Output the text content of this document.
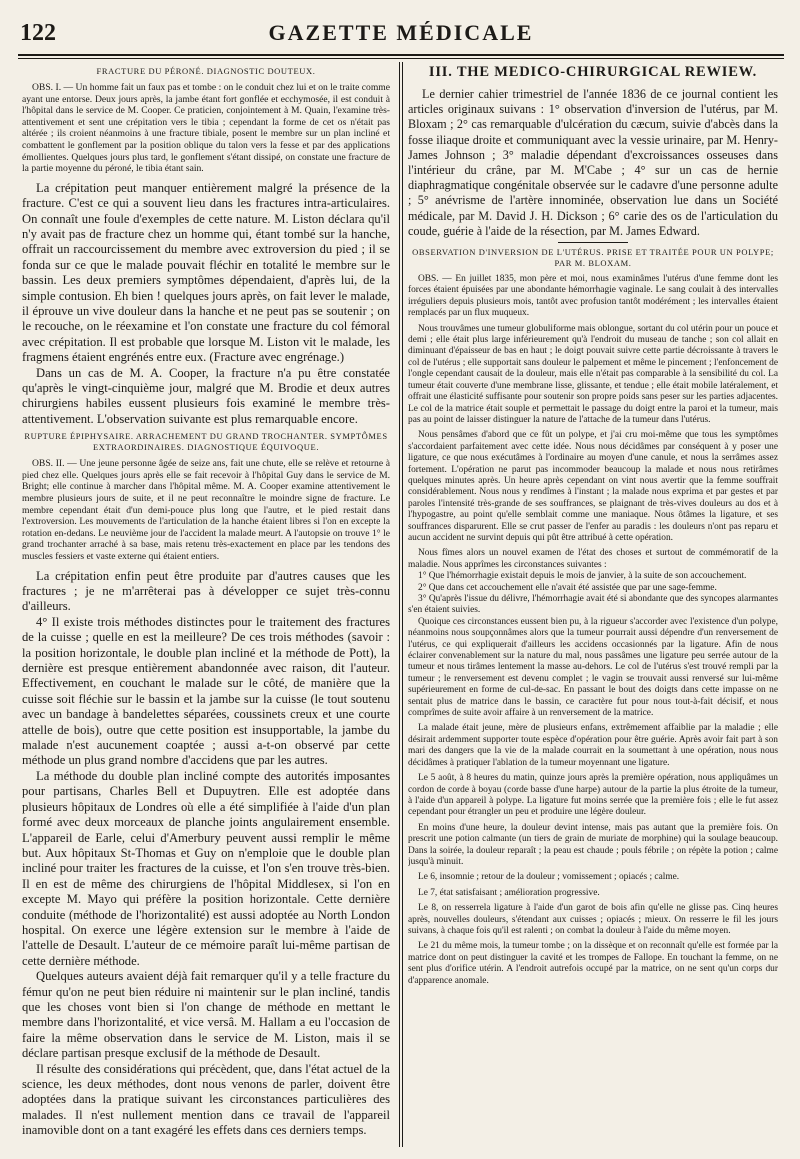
122	GAZETTE MÉDICALE
FRACTURE DU PÉRONÉ. DIAGNOSTIC DOUTEUX.

OBS. I. — Un homme fait un faux pas et tombe : on le conduit chez lui et on le traite comme ayant une entorse. Deux jours après, la jambe étant fort gonflée et ecchymosée, il est conduit à l'hôpital dans le service de M. Cooper. Ce praticien, conjointement à M. Quain, l'examine très-attentivement et sent une crépitation vers le tibia ; cependant la forme de cet os n'était pas altérée ; ils croient néanmoins à une fracture tibiale, posent le membre sur un plan incliné et combattent le gonflement par la position oblique du talon vers la fesse et par des applications émollientes. Quelques jours plus tard, le gonflement s'étant dissipé, on constate une fracture de la partie moyenne du péroné, le tibia étant sain.

La crépitation peut manquer entièrement malgré la présence de la fracture. C'est ce qui a souvent lieu dans les fractures intra-articulaires. On connaît une foule d'exemples de cette nature. M. Liston déclara qu'il n'y avait pas de fracture chez un homme qui, étant tombé sur la hanche, offrait un raccourcissement du membre avec extroversion du pied ; il se fonda sur ce que le malade pouvait fléchir en totalité le membre sur le bassin. Les deux premiers symptômes dépendaient, d'après lui, de la simple contusion. Eh bien ! quelques jours après, on fait lever le malade, il éprouve un vive douleur dans la hanche et ne peut pas se soutenir ; on le recouche, on le réexamine et l'on constate une fracture du col fémoral avec crépitation. Il est probable que lorsque M. Liston vit le malade, les fragmens étaient engrénés entre eux. (Fracture avec engrénage.)

Dans un cas de M. A. Cooper, la fracture n'a pu être constatée qu'après le vingt-cinquième jour, malgré que M. Brodie et deux autres chirurgiens habiles eussent plusieurs fois examiné le membre très-attentivement. L'observation suivante est plus remarquable encore.

RUPTURE ÉPIPHYSAIRE. ARRACHEMENT DU GRAND TROCHANTER. SYMPTÔMES EXTRAORDINAIRES. DIAGNOSTIQUE ÉQUIVOQUE.

OBS. II. — Une jeune personne âgée de seize ans, fait une chute, elle se relève et retourne à pied chez elle. Quelques jours après elle se fait recevoir à l'hôpital Guy dans le service de M. Bright; elle continue à marcher dans l'hôpital même. M. A. Cooper examine attentivement le membre plusieurs jours de suite, et il ne peut reconnaître le moindre signe de fracture. Le membre cependant était d'un demi-pouce plus long que l'autre, et le pied restait dans l'extroversion. Les mouvements de l'articulation de la hanche étaient libres si l'on en excepte la rotation en-dedans. Le neuvième jour de l'accident la malade meurt. A l'autopsie on trouve 1° le grand trochanter arraché à sa base, mais retenu très-exactement en place par les tendons des muscles fessiers et vaste externe qui étaient entiers.

La crépitation enfin peut être produite par d'autres causes que les fractures ; je ne m'arrêterai pas à développer ce sujet très-connu d'ailleurs.

4° Il existe trois méthodes distinctes pour le traitement des fractures de la cuisse ; quelle en est la meilleure? De ces trois méthodes (savoir : la position horizontale, le double plan incliné et la méthode de Pott), la dernière est presque entièrement abandonnée avec raison, dit l'auteur. Effectivement, en couchant le malade sur le côté, de manière que la cuisse soit fléchie sur le bassin et la jambe sur la cuisse (le tout soutenu avec un bandage à bandelettes séparées, coussinets creux et une courte attelle de bois), outre que cette position est insupportable, la jambe du malade n'est aucunement coaptée ; aussi a-t-on observé par cette méthode un plus grand nombre d'accidens que par les autres.

La méthode du double plan incliné compte des autorités imposantes pour partisans, Charles Bell et Dupuytren. Elle est adoptée dans plusieurs hôpitaux de Londres où elle a été simplifiée à l'aide d'un plan formé avec deux morceaux de planche joints angulairement ensemble. L'appareil de Earle, celui d'Amerbury peuvent aussi remplir le même but. Aux hôpitaux St-Thomas et Guy on n'emploie que le double plan incliné pour traiter les fractures de la cuisse, et l'on s'en trouve très-bien. Il en est de même des chirurgiens de l'hôpital Middlesex, si l'on en excepte M. Mayo qui préfère la position horizontale. Cette dernière conduite (méthode de l'horizontalité) est aussi adoptée au North London hospital. On exerce une légère extension sur le membre à l'aide de l'attelle de Desault. L'auteur de ce mémoire paraît lui-même partisan de cette dernière méthode.

Quelques auteurs avaient déjà fait remarquer qu'il y a telle fracture du fémur qu'on ne peut bien réduire ni maintenir sur le plan incliné, tandis que les choses vont bien si l'on change de méthode en mettant le membre dans l'horizontalité, et vice versâ. M. Hallam a eu l'occasion de faire la même observation dans le service de M. Liston, mais il se déclare partisan presque exclusif de la méthode de Desault.

Il résulte des considérations qui précèdent, que, dans l'état actuel de la science, les deux méthodes, dont nous venons de parler, doivent être adoptées dans la pratique suivant les circonstances particulières des malades. Il n'est nullement mention dans ce travail de l'appareil inamovible dont on a tant exagéré les effets dans ces derniers temps.

III. THE MEDICO-CHIRURGICAL REWIEW.

Le dernier cahier trimestriel de l'année 1836 de ce journal contient les articles originaux suivans : 1° observation d'inversion de l'utérus, par M. Bloxam ; 2° cas remarquable d'ulcération du cæcum, suivie d'abcès dans la fosse iliaque droite et communiquant avec la vessie urinaire, par M. Henry-James Johnson ; 3° maladie dépendant d'excroissances osseuses dans l'intérieur du crâne, par M. M'Cabe ; 4° sur un cas de hernie diaphragmatique congénitale observée sur le cadavre d'une personne adulte ; 5° anévrisme de l'artère innominée, observation lue dans un Société médicale, par M. David J. H. Dickson ; 6° carie des os de l'articulation du coude, guérie à l'aide de la résection, par M. James Edward.

OBSERVATION D'INVERSION DE L'UTÉRUS. PRISE ET TRAITÉE POUR UN POLYPE; PAR M. BLOXAM.

OBS. — En juillet 1835, mon père et moi, nous examinâmes l'utérus d'une femme dont les forces étaient épuisées par une abondante hémorrhagie vaginale. Le sang coulait à des intervalles irréguliers depuis plusieurs mois, tantôt avec profusion tantôt modérément ; les intervalles étaient remplacés par un flux muqueux.

Nous trouvâmes une tumeur globuliforme mais oblongue, sortant du col utérin pour un pouce et demi ; elle était plus large inférieurement qu'à l'endroit du museau de tanche ; son col allait en diminuant d'épaisseur de bas en haut ; le doigt pouvait suivre cette partie décroissante à travers le col de l'utérus ; elle supportait sans douleur le palpement et même le pincement ; l'enfoncement de l'ongle cependant causait de la douleur, mais elle n'était pas comparable à la sensibilité du col. La tumeur était couverte d'une membrane lisse, glissante, et tendue ; elle était mobile latéralement, et offrait une élasticité suffisante pour soutenir son propre poids sans peser sur les parties adjacentes. Le col de la matrice était souple et permettait le passage du doigt entre la paroi et la tumeur, mais pas au point de laisser distinguer la nature de l'attache de la tumeur dans l'utérus.

Nous pensâmes d'abord que ce fût un polype, et j'ai cru moi-même que tous les symptômes s'accordaient parfaitement avec cette idée. Nous nous décidâmes par conséquent à y poser une ligature, ce que nous exécutâmes à l'ordinaire au moyen d'une canule, et nous la serrâmes assez fortement. L'opération ne parut pas incommoder beaucoup la malade et nous nous retirâmes quelques minutes après. Un heure après cependant on vint nous avertir que la femme souffrait considérablement. Nous nous y rendîmes à l'instant ; la malade nous exprima et par gestes et par paroles l'intensité très-grande de ses souffrances, se plaignant de très-vives douleurs au dos et à l'hypogastre, au point qu'elle semblait comme une maniaque. Nous ôtâmes la ligature, et ses souffrances disparurent. Elle se crut passer de l'enfer au paradis : les douleurs n'ont pas reparu et aucun accident ne survint depuis qui pût être attribué à cette opération.

Nous fîmes alors un nouvel examen de l'état des choses et surtout de commémoratif de la maladie. Nous apprîmes les circonstances suivantes :

1° Que l'hémorrhagie existait depuis le mois de janvier, à la suite de son accouchement.

2° Que dans cet accouchement elle n'avait été assistée que par une sage-femme.

3° Qu'après l'issue du délivre, l'hémorrhagie avait été si abondante que des syncopes alarmantes s'en étaient suivies.

Quoique ces circonstances eussent bien pu, à la rigueur s'accorder avec l'existence d'un polype, néanmoins nous soupçonnâmes alors que la tumeur pourrait aussi dépendre d'un renversement de l'utérus, ce qui expliquerait d'ailleurs les accidens occasionnés par la ligature. Afin de nous éclairer convenablement sur la nature du mal, nous passâmes une ligature peu serrée autour de la tumeur et nous tirâmes lentement la masse au-dehors. Le col de l'utérus s'est trouvé rempli par la tumeur ; le renversement est devenu complet ; le vagin se trouvait aussi renversé sur lui-même supérieurement en forme de cul-de-sac. En passant le bout des doigts dans cette impasse on ne sentait plus de matrice dans le bassin, ce caractère fut pour nous tout-à-fait décisif, et nous comprîmes de suite avoir affaire à un renversement de la matrice.

La malade était jeune, mère de plusieurs enfans, extrêmement affaiblie par la maladie ; elle désirait ardemment supporter toute espèce d'opération pour être guérie. Après avoir fait part à son mari des dangers que la vie de la malade courrait en la soumettant à une opération, nous nous décidâmes à pratiquer l'ablation de la tumeur moyennant une ligature.

Le 5 août, à 8 heures du matin, quinze jours après la première opération, nous appliquâmes un cordon de corde à boyau (corde basse d'une harpe) autour de la partie la plus étroite de la tumeur, à l'aide d'un appareil à polype. La ligature fut moins serrée que la première fois ; elle le fut assez cependant pour étrangler un peu et produire une légère douleur.

En moins d'une heure, la douleur devint intense, mais pas autant que la première fois. On prescrit une potion calmante (un tiers de grain de muriate de morphine) qui la soulage beaucoup. Dans la soirée, la douleur reparaît ; la peau est chaude ; pouls fébrile ; on répète la potion ; calme jusqu'à minuit.

Le 6, insomnie ; retour de la douleur ; vomissement ; opiacés ; calme.

Le 7, état satisfaisant ; amélioration progressive.

Le 8, on resserrela ligature à l'aide d'un garot de bois afin qu'elle ne glisse pas. Cinq heures après, nouvelles douleurs, s'étendant aux cuisses ; opiacés ; mieux. On resserre le fil les jours suivans, à chaque fois qu'il est ralenti ; on combat la douleur à l'aide du même moyen.

Le 21 du même mois, la tumeur tombe ; on la dissèque et on reconnaît qu'elle est formée par la matrice dont on peut distinguer la cavité et les trompes de Fallope. En touchant la femme, on ne sent plus d'orifice utérin. A l'endroit autrefois occupé par la matrice, on ne sent qu'un corps dur d'apparence anomale.
